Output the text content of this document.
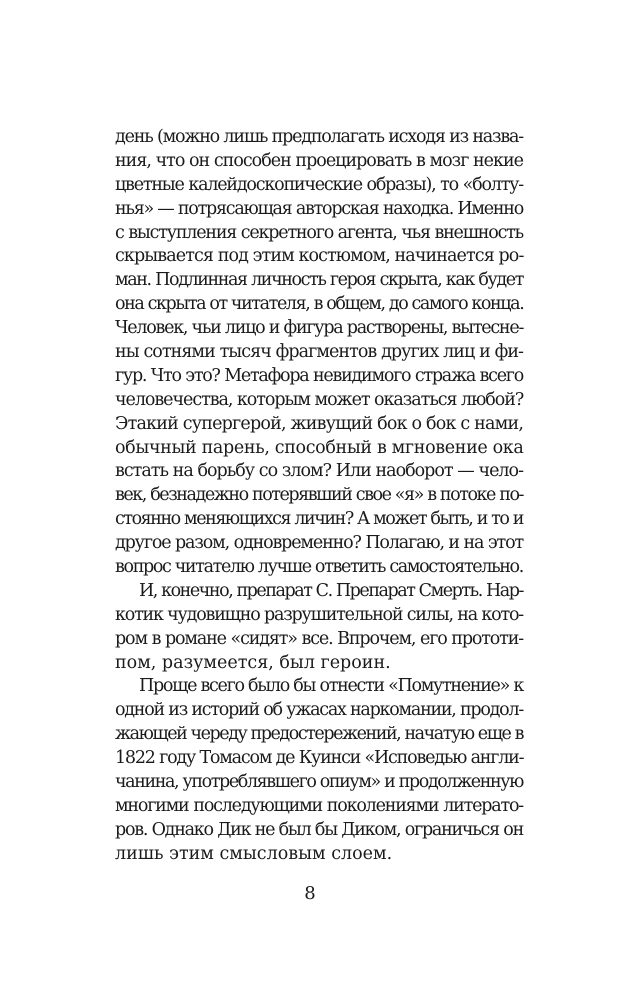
день (можно лишь предполагать исходя из назва-
ния, что он способен проецировать в мозг некие
цветные калейдоскопические образы), то «болту-
нья» — потрясающая авторская находка. Именно
с выступления секретного агента, чья внешность
скрывается под этим костюмом, начинается ро-
ман. Подлинная личность героя скрыта, как будет
она скрыта от читателя, в общем, до самого конца.
Человек, чьи лицо и фигура растворены, вытесне-
ны сотнями тысяч фрагментов других лиц и фи-
гур. Что это? Метафора невидимого стража всего
человечества, которым может оказаться любой?
Этакий супергерой, живущий бок о бок с нами,
обычный парень, способный в мгновение ока
встать на борьбу со злом? Или наоборот — чело-
век, безнадежно потерявший свое «я» в потоке по-
стоянно меняющихся личин? А может быть, и то и
другое разом, одновременно? Полагаю, и на этот
вопрос читателю лучше ответить самостоятельно.
И, конечно, препарат С. Препарат Смерть. Нар-
котик чудовищно разрушительной силы, на кото-
ром в романе «сидят» все. Впрочем, его прототи-
пом, разумеется, был героин.
Проще всего было бы отнести «Помутнение» к
одной из историй об ужасах наркомании, продол-
жающей череду предостережений, начатую еще в
1822 году Томасом де Куинси «Исповедью англи-
чанина, употреблявшего опиум» и продолженную
многими последующими поколениями литерато-
ров. Однако Дик не был бы Диком, ограничься он
лишь этим смысловым слоем.
8
